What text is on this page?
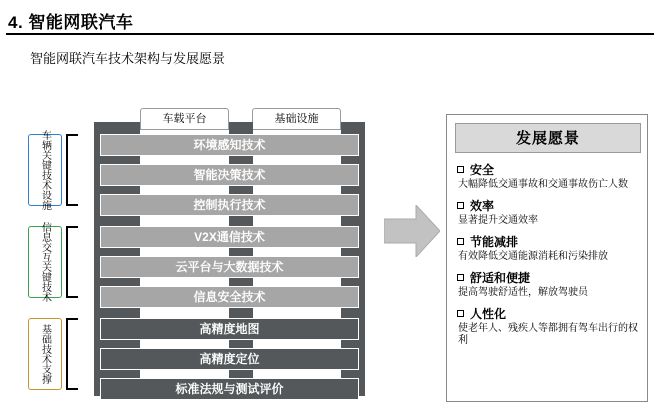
4. 智能网联汽车
智能网联汽车技术架构与发展愿景
车载平台	基础设施
车辆关键技术设施
信息交互关键技术
基础技术支撑
环境感知技术
智能决策技术
控制执行技术
V2X通信技术
云平台与大数据技术
信息安全技术
高精度地图
高精度定位
标准法规与测试评价
发展愿景
安全
大幅降低交通事故和交通事故伤亡人数
效率
显著提升交通效率
节能减排
有效降低交通能源消耗和污染排放
舒适和便捷
提高驾驶舒适性，解放驾驶员
人性化
使老年人、残疾人等都拥有驾车出行的权利
